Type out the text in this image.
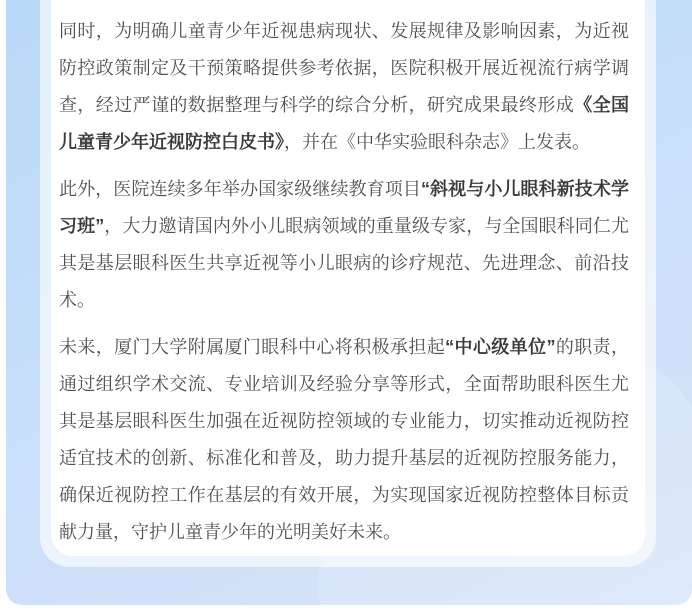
同时，为明确儿童青少年近视患病现状、发展规律及影响因素，为近视防控政策制定及干预策略提供参考依据，医院积极开展近视流行病学调查，经过严谨的数据整理与科学的综合分析，研究成果最终形成《全国儿童青少年近视防控白皮书》，并在《中华实验眼科杂志》上发表。

此外，医院连续多年举办国家级继续教育项目“斜视与小儿眼科新技术学习班”，大力邀请国内外小儿眼病领域的重量级专家，与全国眼科同仁尤其是基层眼科医生共享近视等小儿眼病的诊疗规范、先进理念、前沿技术。

未来，厦门大学附属厦门眼科中心将积极承担起“中心级单位”的职责，通过组织学术交流、专业培训及经验分享等形式，全面帮助眼科医生尤其是基层眼科医生加强在近视防控领域的专业能力，切实推动近视防控适宜技术的创新、标准化和普及，助力提升基层的近视防控服务能力，确保近视防控工作在基层的有效开展，为实现国家近视防控整体目标贡献力量，守护儿童青少年的光明美好未来。
